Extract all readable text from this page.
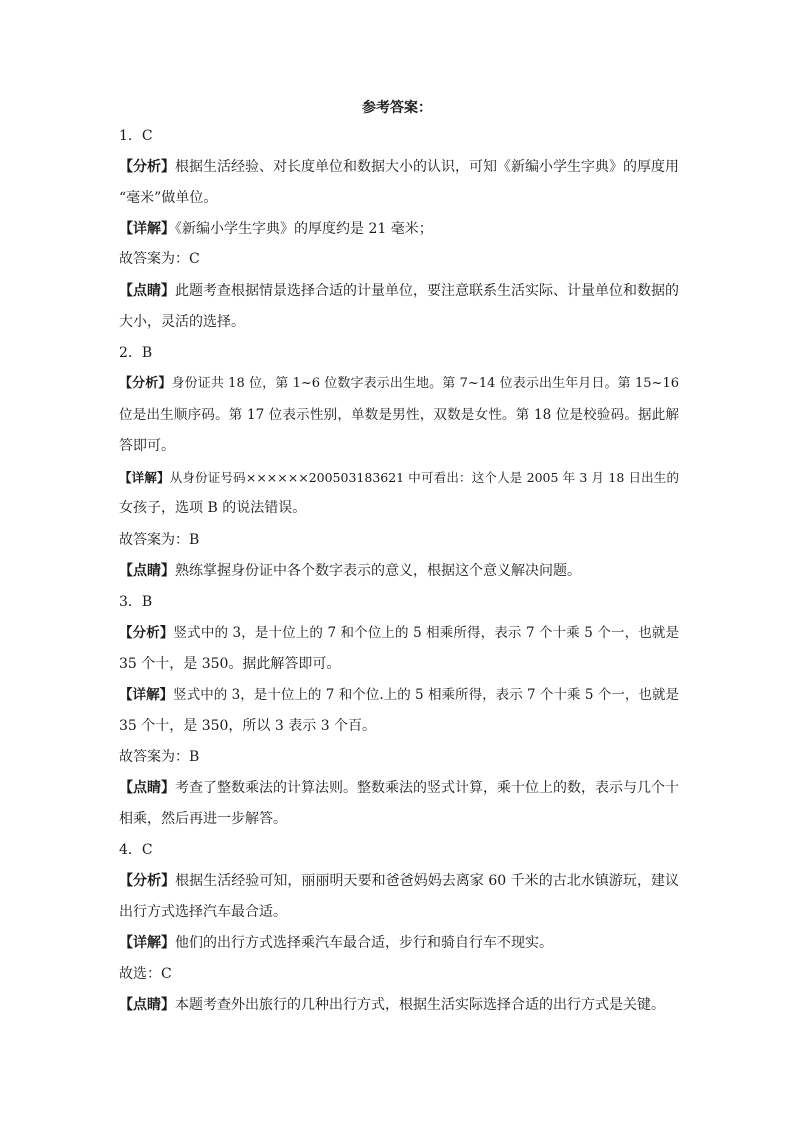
参考答案：
1．C
【分析】根据生活经验、对长度单位和数据大小的认识，可知《新编小学生字典》的厚度用
“毫米”做单位。
【详解】《新编小学生字典》的厚度约是 21 毫米；
故答案为：C
【点睛】此题考查根据情景选择合适的计量单位，要注意联系生活实际、计量单位和数据的
大小，灵活的选择。
2．B
【分析】身份证共 18 位，第 1~6 位数字表示出生地。第 7~14 位表示出生年月日。第 15~16
位是出生顺序码。第 17 位表示性别，单数是男性，双数是女性。第 18 位是校验码。据此解
答即可。
【详解】从身份证号码××××××200503183621 中可看出：这个人是 2005 年 3 月 18 日出生的
女孩子，选项 B 的说法错误。
故答案为：B
【点睛】熟练掌握身份证中各个数字表示的意义，根据这个意义解决问题。
3．B
【分析】竖式中的 3，是十位上的 7 和个位上的 5 相乘所得，表示 7 个十乘 5 个一，也就是
35 个十，是 350。据此解答即可。
【详解】竖式中的 3，是十位上的 7 和个位.上的 5 相乘所得，表示 7 个十乘 5 个一，也就是
35 个十，是 350，所以 3 表示 3 个百。
故答案为：B
【点睛】考查了整数乘法的计算法则。整数乘法的竖式计算，乘十位上的数，表示与几个十
相乘，然后再进一步解答。
4．C
【分析】根据生活经验可知，丽丽明天要和爸爸妈妈去离家 60 千米的古北水镇游玩，建议
出行方式选择汽车最合适。
【详解】他们的出行方式选择乘汽车最合适，步行和骑自行车不现实。
故选：C
【点睛】本题考查外出旅行的几种出行方式，根据生活实际选择合适的出行方式是关键。
